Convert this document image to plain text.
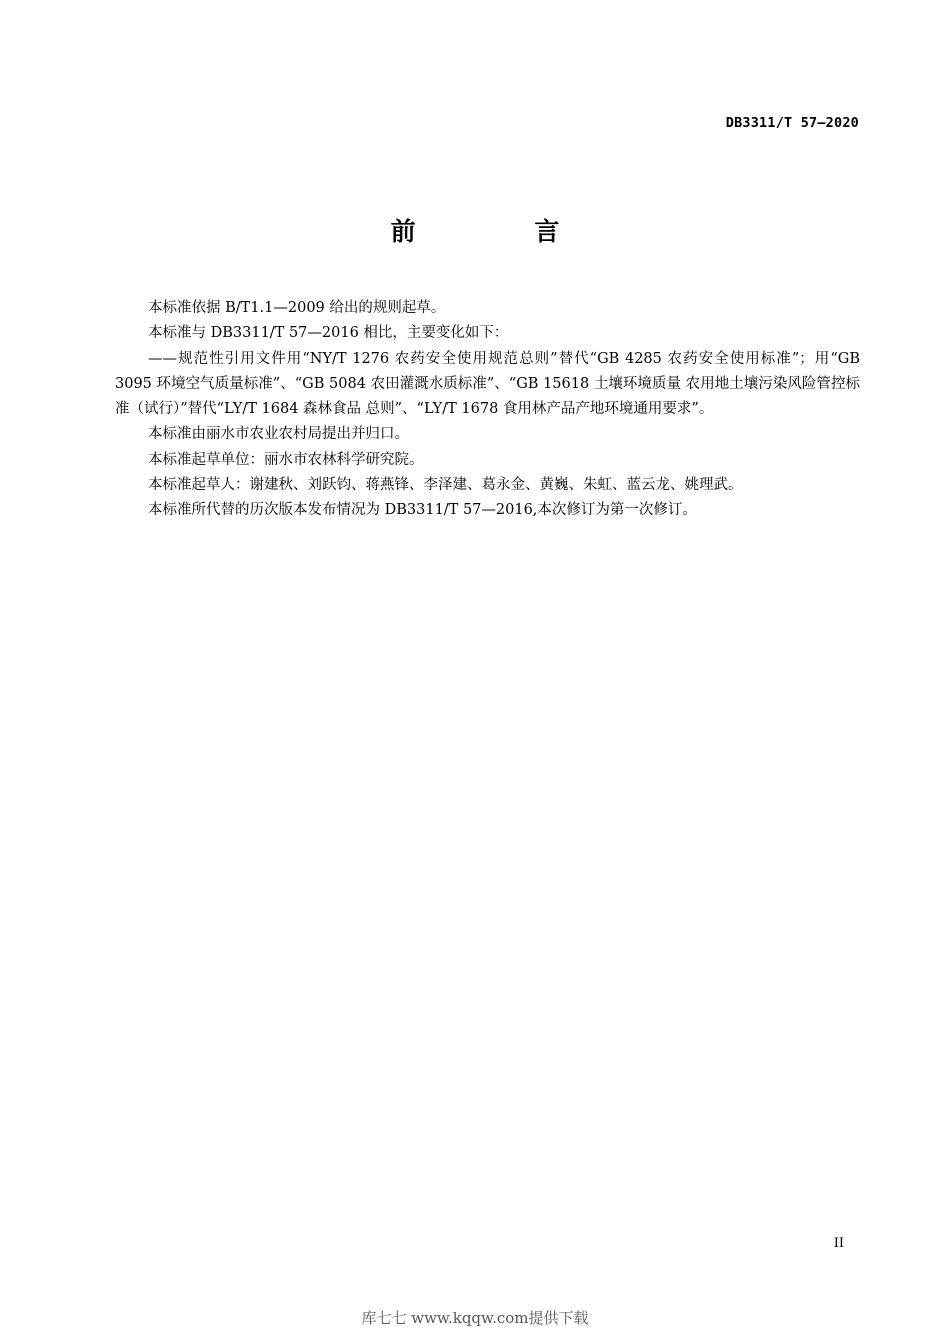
DB3311/T 57—2020
前 言

本标准依据 B/T1.1—2009 给出的规则起草。

本标准与 DB3311/T 57—2016 相比，主要变化如下：

——规范性引用文件用“NY/T 1276 农药安全使用规范总则”替代“GB 4285 农药安全使用标准”；用“GB 3095 环境空气质量标准”、“GB 5084 农田灌溉水质标准”、“GB 15618 土壤环境质量 农用地土壤污染风险管控标准（试行）”替代“LY/T 1684 森林食品 总则”、“LY/T 1678 食用林产品产地环境通用要求”。

本标准由丽水市农业农村局提出并归口。

本标准起草单位：丽水市农林科学研究院。

本标准起草人：谢建秋、刘跃钧、蒋燕锋、李泽建、葛永金、黄巍、朱虹、蓝云龙、姚理武。

本标准所代替的历次版本发布情况为 DB3311/T 57—2016,本次修订为第一次修订。

II
库七七 www.kqqw.com提供下载
